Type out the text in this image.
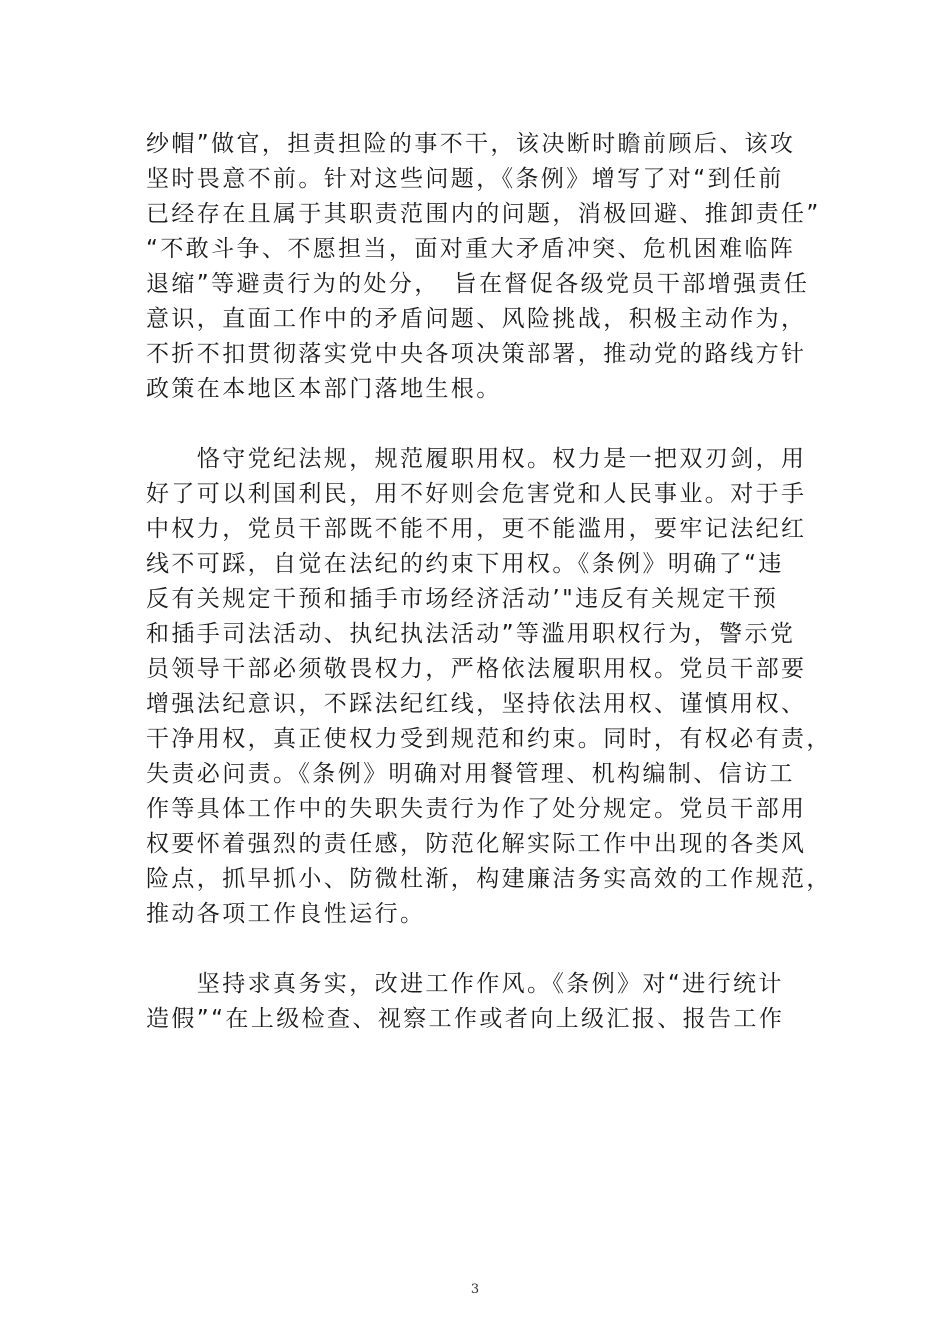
纱帽”做官，担责担险的事不干，该决断时瞻前顾后、该攻
坚时畏意不前。针对这些问题，《条例》增写了对“到任前
已经存在且属于其职责范围内的问题，消极回避、推卸责任”
“不敢斗争、不愿担当，面对重大矛盾冲突、危机困难临阵
退缩”等避责行为的处分，　旨在督促各级党员干部增强责任
意识，直面工作中的矛盾问题、风险挑战，积极主动作为，
不折不扣贯彻落实党中央各项决策部署，推动党的路线方针
政策在本地区本部门落地生根。
　　恪守党纪法规，规范履职用权。权力是一把双刃剑，用
好了可以利国利民，用不好则会危害党和人民事业。对于手
中权力，党员干部既不能不用，更不能滥用，要牢记法纪红
线不可踩，自觉在法纪的约束下用权。《条例》明确了“违
反有关规定干预和插手市场经济活动’"违反有关规定干预
和插手司法活动、执纪执法活动”等滥用职权行为，警示党
员领导干部必须敬畏权力，严格依法履职用权。党员干部要
增强法纪意识，不踩法纪红线，坚持依法用权、谨慎用权、
干净用权，真正使权力受到规范和约束。同时，有权必有责，
失责必问责。《条例》明确对用餐管理、机构编制、信访工
作等具体工作中的失职失责行为作了处分规定。党员干部用
权要怀着强烈的责任感，防范化解实际工作中出现的各类风
险点，抓早抓小、防微杜渐，构建廉洁务实高效的工作规范，
推动各项工作良性运行。
　　坚持求真务实，改进工作作风。《条例》对“进行统计
造假”“在上级检查、视察工作或者向上级汇报、报告工作
3
